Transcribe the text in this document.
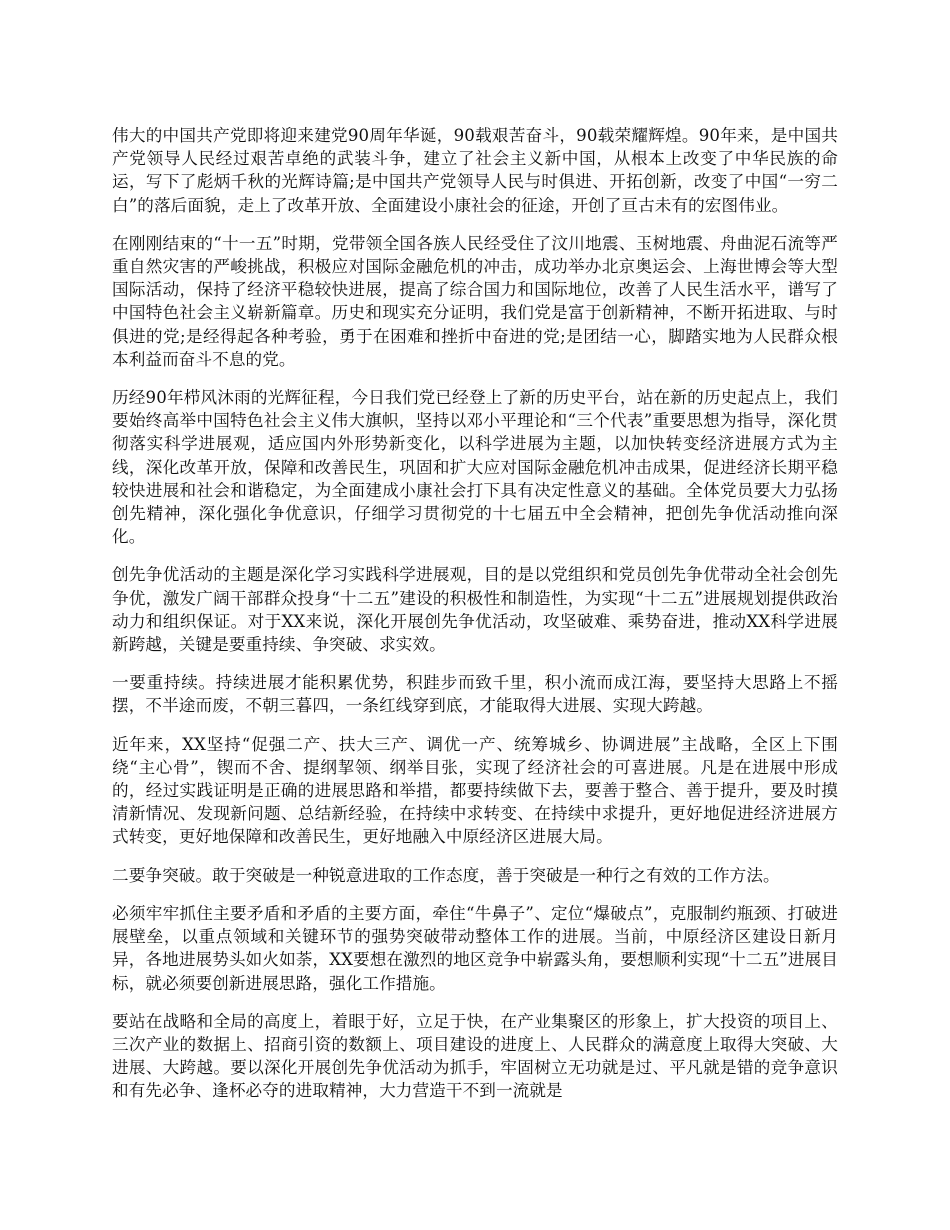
伟大的中国共产党即将迎来建党90周年华诞，90载艰苦奋斗，90载荣耀辉煌。90年来，是中国共产党领导人民经过艰苦卓绝的武装斗争，建立了社会主义新中国，从根本上改变了中华民族的命运，写下了彪炳千秋的光辉诗篇;是中国共产党领导人民与时俱进、开拓创新，改变了中国“一穷二白”的落后面貌，走上了改革开放、全面建设小康社会的征途，开创了亘古未有的宏图伟业。

在刚刚结束的“十一五”时期，党带领全国各族人民经受住了汶川地震、玉树地震、舟曲泥石流等严重自然灾害的严峻挑战，积极应对国际金融危机的冲击，成功举办北京奥运会、上海世博会等大型国际活动，保持了经济平稳较快进展，提高了综合国力和国际地位，改善了人民生活水平，谱写了中国特色社会主义崭新篇章。历史和现实充分证明，我们党是富于创新精神，不断开拓进取、与时俱进的党;是经得起各种考验，勇于在困难和挫折中奋进的党;是团结一心，脚踏实地为人民群众根本利益而奋斗不息的党。

历经90年栉风沐雨的光辉征程，今日我们党已经登上了新的历史平台，站在新的历史起点上，我们要始终高举中国特色社会主义伟大旗帜，坚持以邓小平理论和“三个代表”重要思想为指导，深化贯彻落实科学进展观，适应国内外形势新变化，以科学进展为主题，以加快转变经济进展方式为主线，深化改革开放，保障和改善民生，巩固和扩大应对国际金融危机冲击成果，促进经济长期平稳较快进展和社会和谐稳定，为全面建成小康社会打下具有决定性意义的基础。全体党员要大力弘扬创先精神，深化强化争优意识，仔细学习贯彻党的十七届五中全会精神，把创先争优活动推向深化。

创先争优活动的主题是深化学习实践科学进展观，目的是以党组织和党员创先争优带动全社会创先争优，激发广阔干部群众投身“十二五”建设的积极性和制造性，为实现“十二五”进展规划提供政治动力和组织保证。对于XX来说，深化开展创先争优活动，攻坚破难、乘势奋进，推动XX科学进展新跨越，关键是要重持续、争突破、求实效。

一要重持续。持续进展才能积累优势，积跬步而致千里，积小流而成江海，要坚持大思路上不摇摆，不半途而废，不朝三暮四，一条红线穿到底，才能取得大进展、实现大跨越。

近年来，XX坚持“促强二产、扶大三产、调优一产、统筹城乡、协调进展”主战略，全区上下围绕“主心骨”，锲而不舍、提纲挈领、纲举目张，实现了经济社会的可喜进展。凡是在进展中形成的，经过实践证明是正确的进展思路和举措，都要持续做下去，要善于整合、善于提升，要及时摸清新情况、发现新问题、总结新经验，在持续中求转变、在持续中求提升，更好地促进经济进展方式转变，更好地保障和改善民生，更好地融入中原经济区进展大局。

二要争突破。敢于突破是一种锐意进取的工作态度，善于突破是一种行之有效的工作方法。

必须牢牢抓住主要矛盾和矛盾的主要方面，牵住“牛鼻子”、定位“爆破点”，克服制约瓶颈、打破进展壁垒，以重点领域和关键环节的强势突破带动整体工作的进展。当前，中原经济区建设日新月异，各地进展势头如火如荼，XX要想在激烈的地区竞争中崭露头角，要想顺利实现“十二五”进展目标，就必须要创新进展思路，强化工作措施。

要站在战略和全局的高度上，着眼于好，立足于快，在产业集聚区的形象上，扩大投资的项目上、三次产业的数据上、招商引资的数额上、项目建设的进度上、人民群众的满意度上取得大突破、大进展、大跨越。要以深化开展创先争优活动为抓手，牢固树立无功就是过、平凡就是错的竞争意识和有先必争、逢杯必夺的进取精神，大力营造干不到一流就是
